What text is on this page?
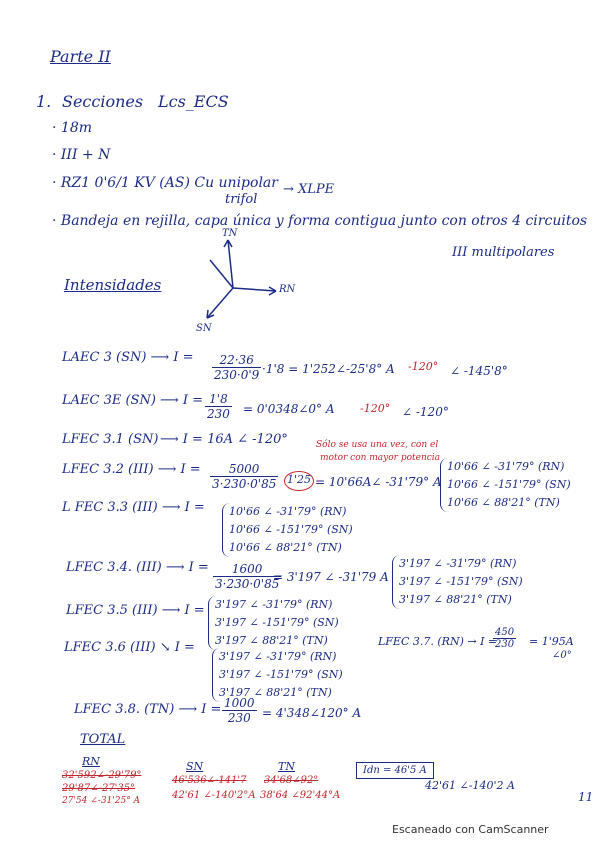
Parte II
1. Secciones Lcs_ECS
· 18m
· III + N
· RZ1 0'6/1 KV (AS) Cu unipolar
trifol
→ XLPE
· Bandeja en rejilla, capa única y forma contigua junto con otros 4 circuitos
III multipolares
TN
RN
SN
Intensidades
LAEC 3 (SN) ⟶ $I = \frac{22\cdot 36}{230\cdot 0'9} \cdot 1'8$ = 1'252∠-25'8° A -120° ∠ -145'8°
LAEC 3E (SN) ⟶ $I = \frac{1'8}{230}$ = 0'0348∠0° A -120° ∠ -120°
LFEC 3.1 (SN) ⟶ I = 16A ∠ -120°	Sólo se usa una vez, con el
motor con mayor potencia
LFEC 3.2 (III) ⟶ $I = \frac{5000}{3\cdot 230\cdot 0'85} 1'25$ = 10'66A∠ -31'79° A
10'66 ∠ -31'79° (RN)
10'66 ∠ -151'79° (SN)
10'66 ∠ 88'21° (TN)
L FEC 3.3 (III) ⟶ I = 10'66 ∠ -31'79° (RN)
10'66 ∠ -151'79° (SN)
10'66 ∠ 88'21° (TN)
LFEC 3.4. (III) ⟶ $I = \frac{1600}{3\cdot 230\cdot 0'85}$
= 3'197 ∠ -31'79 A
3'197 ∠ -31'79° (RN)
3'197 ∠ -151'79° (SN)
3'197 ∠ 88'21° (TN)
LFEC 3.5 (III) ⟶ I = 3'197 ∠ -31'79° (RN)
3'197 ∠ -151'79° (SN)
3'197 ∠ 88'21° (TN)
LFEC 3.6 (III) ↘ I =
3'197 ∠ -31'79° (RN)
3'197 ∠ -151'79° (SN)
3'197 ∠ 88'21° (TN)
LFEC 3.7. (RN) → I =
$\frac{450}{230} = 1'95A$
∠0°
LFEC 3.8. (TN) ⟶ $I = \frac{1000}{230}$ = 4'348∠120° A
TOTAL
RN
32'592∠-29'79°
29'87∠-27'35°
27'54 ∠-31'25° A
SN
46'536∠-141'7
42'61 ∠-140'2°A
TN
34'68∠92°
38'64 ∠92'44°A
Idn = 46'5 A
42'61 ∠-140'2 A
11
Escaneado con CamScanner
